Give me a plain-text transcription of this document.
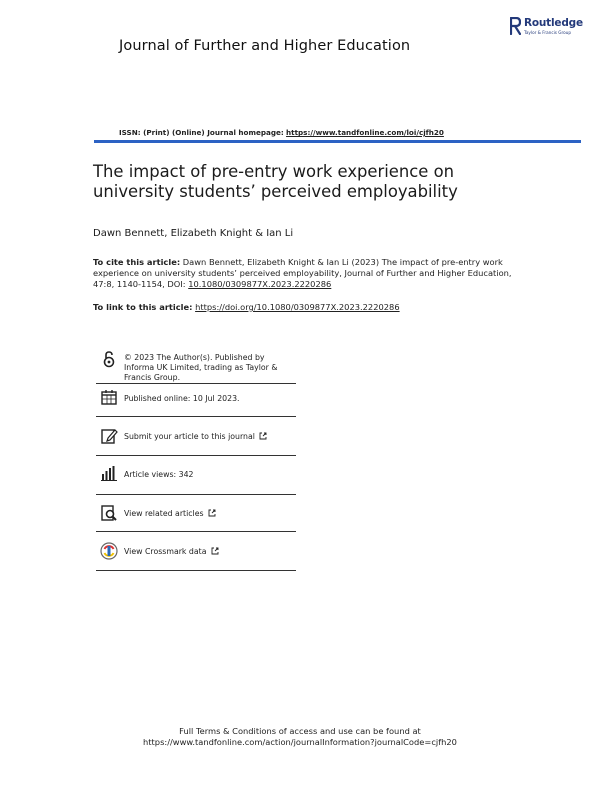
Journal of Further and Higher Education
Routledge
Taylor & Francis Group
ISSN: (Print) (Online) Journal homepage: https://www.tandfonline.com/loi/cjfh20
The impact of pre-entry work experience on university students’ perceived employability
Dawn Bennett, Elizabeth Knight & Ian Li
To cite this article: Dawn Bennett, Elizabeth Knight & Ian Li (2023) The impact of pre-entry work experience on university students’ perceived employability, Journal of Further and Higher Education, 47:8, 1140-1154, DOI: 10.1080/0309877X.2023.2220286
To link to this article: https://doi.org/10.1080/0309877X.2023.2220286
© 2023 The Author(s). Published by Informa UK Limited, trading as Taylor & Francis Group.
Published online: 10 Jul 2023.
Submit your article to this journal
Article views: 342
View related articles
View Crossmark data
Full Terms & Conditions of access and use can be found at
https://www.tandfonline.com/action/journalInformation?journalCode=cjfh20
